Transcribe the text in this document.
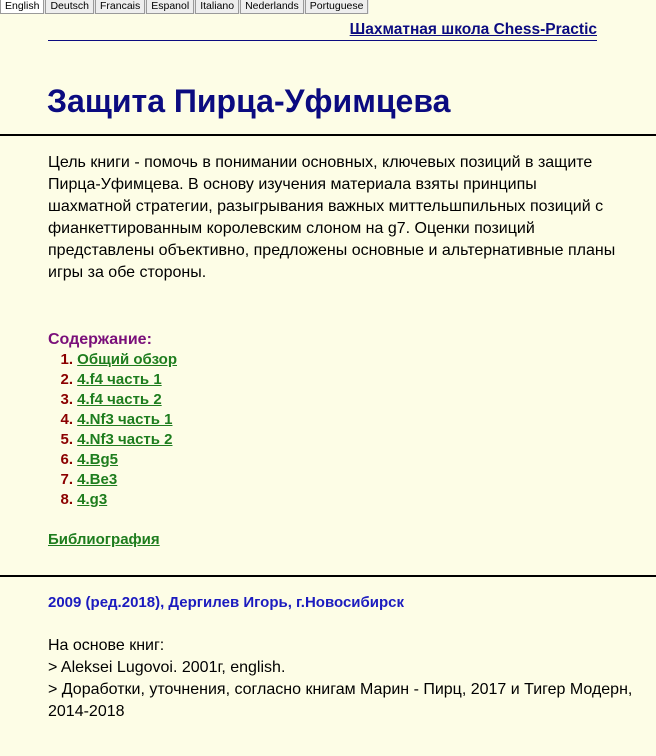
English	Deutsch	Francais	Espanol	Italiano	Nederlands	Portuguese
Шахматная школа Chess-Practic
Защита Пирца-Уфимцева

Цель книги - помочь в понимании основных, ключевых позиций в защите Пирца-Уфимцева. В основу изучения материала взяты принципы шахматной стратегии, разыгрывания важных миттельшпильных позиций с фианкеттированным королевским слоном на g7. Оценки позиций представлены объективно, предложены основные и альтернативные планы игры за обе стороны.

Содержание:
1. Общий обзор
2. 4.f4 часть 1
3. 4.f4 часть 2
4. 4.Nf3 часть 1
5. 4.Nf3 часть 2
6. 4.Bg5
7. 4.Be3
8. 4.g3
Библиография
2009 (ред.2018), Дергилев Игорь, г.Новосибирск
На основе книг:
> Aleksei Lugovoi. 2001г, english.
> Доработки, уточнения, согласно книгам Марин - Пирц, 2017 и Тигер Модерн, 2014-2018
